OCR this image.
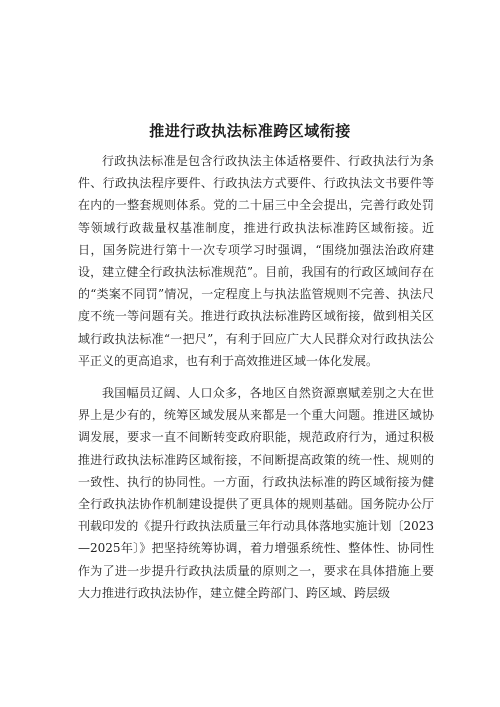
推进行政执法标准跨区域衔接

行政执法标准是包含行政执法主体适格要件、行政执法行为条件、行政执法程序要件、行政执法方式要件、行政执法文书要件等在内的一整套规则体系。党的二十届三中全会提出，完善行政处罚等领域行政裁量权基准制度，推进行政执法标准跨区域衔接。近日，国务院进行第十一次专项学习时强调，“围绕加强法治政府建设，建立健全行政执法标准规范”。目前，我国有的行政区域间存在的“类案不同罚”情况，一定程度上与执法监管规则不完善、执法尺度不统一等问题有关。推进行政执法标准跨区域衔接，做到相关区域行政执法标准“一把尺”，有利于回应广大人民群众对行政执法公平正义的更高追求，也有利于高效推进区域一体化发展。

我国幅员辽阔、人口众多，各地区自然资源禀赋差别之大在世界上是少有的，统筹区域发展从来都是一个重大问题。推进区域协调发展，要求一直不间断转变政府职能，规范政府行为，通过积极推进行政执法标准跨区域衔接，不间断提高政策的统一性、规则的一致性、执行的协同性。一方面，行政执法标准的跨区域衔接为健全行政执法协作机制建设提供了更具体的规则基础。国务院办公厅刊载印发的《提升行政执法质量三年行动具体落地实施计划〔2023—2025年〕》把坚持统筹协调，着力增强系统性、整体性、协同性作为了进一步提升行政执法质量的原则之一，要求在具体措施上要大力推进行政执法协作，建立健全跨部门、跨区域、跨层级
